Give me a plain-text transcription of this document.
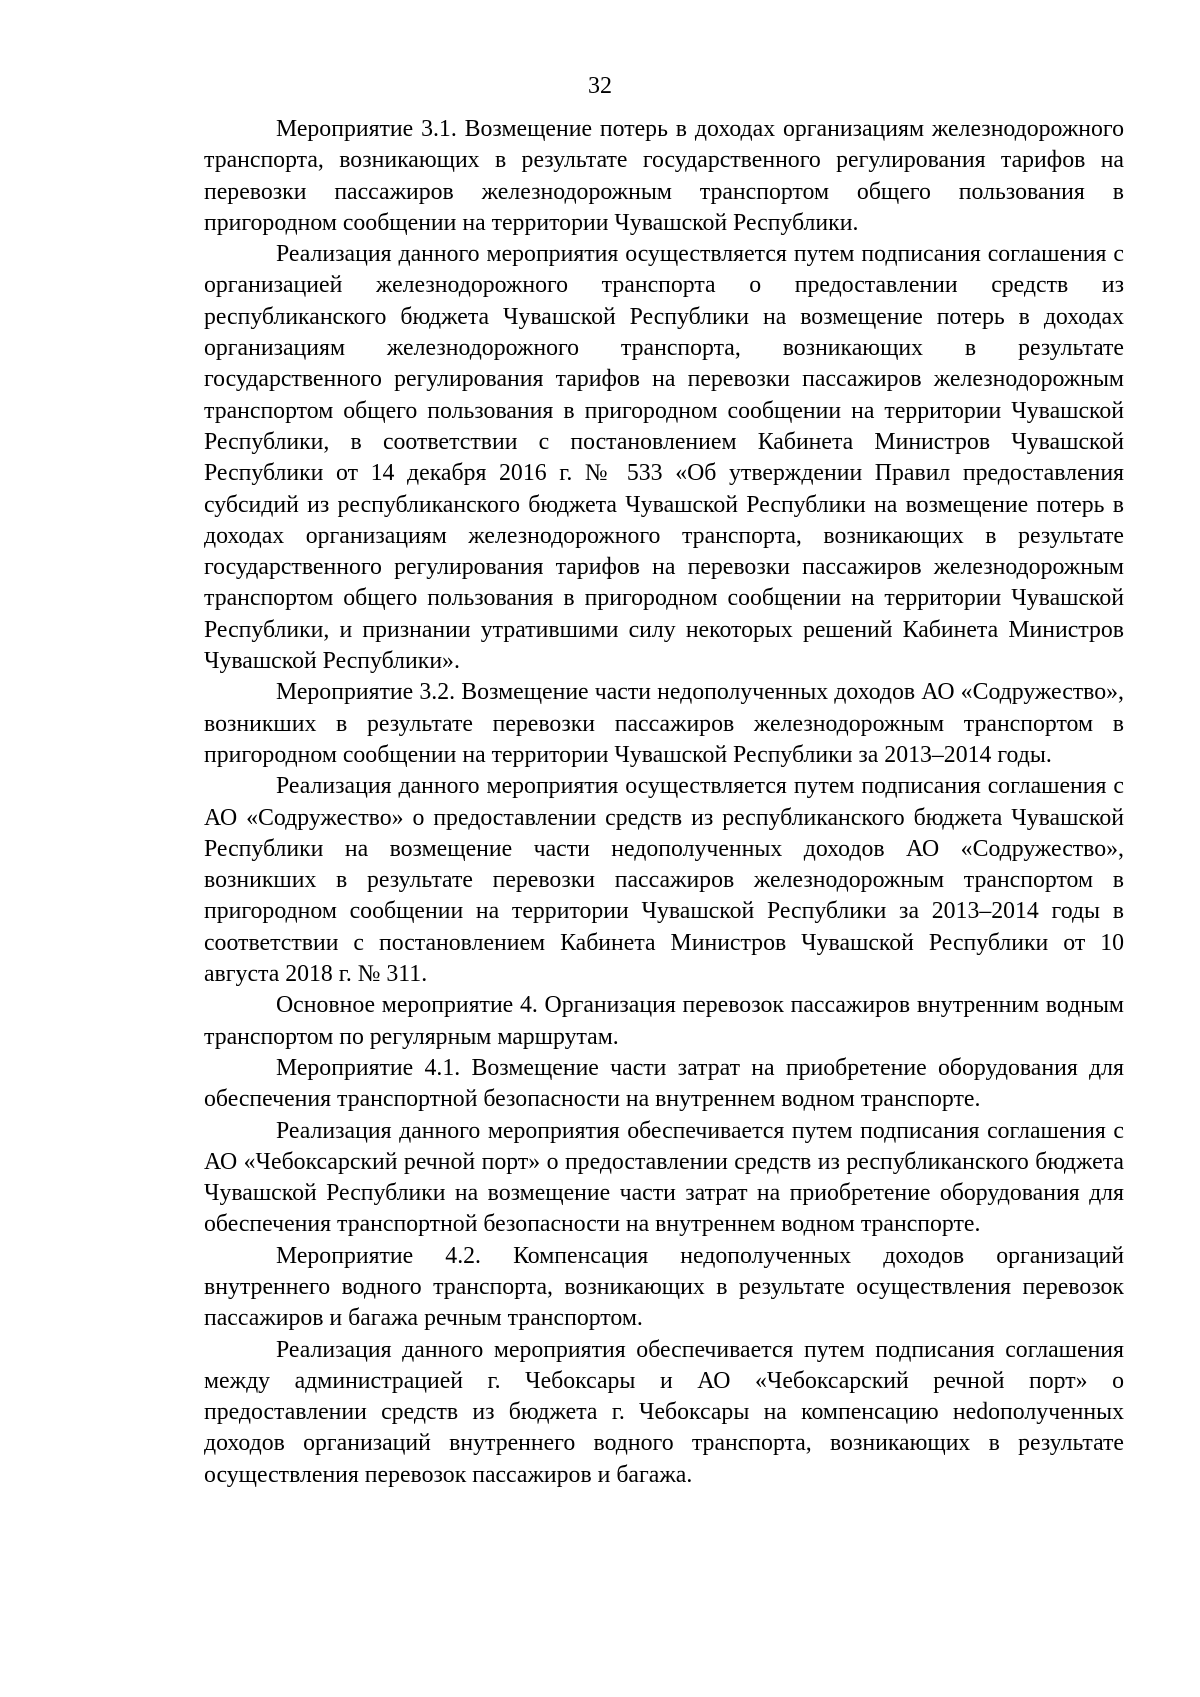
32

Мероприятие 3.1. Возмещение потерь в доходах организациям железнодорожного транспорта, возникающих в результате государственного регулирования тарифов на перевозки пассажиров железнодорожным транспортом общего пользования в пригородном сообщении на территории Чувашской Республики.

Реализация данного мероприятия осуществляется путем подписания соглашения с организацией железнодорожного транспорта о предоставлении средств из республиканского бюджета Чувашской Республики на возмещение потерь в доходах организациям железнодорожного транспорта, возникающих в результате государственного регулирования тарифов на перевозки пассажиров железнодорожным транспортом общего пользования в пригородном сообщении на территории Чувашской Республики, в соответствии с постановлением Кабинета Министров Чувашской Республики от 14 декабря 2016 г. № 533 «Об утверждении Правил предоставления субсидий из республиканского бюджета Чувашской Республики на возмещение потерь в доходах организациям железнодорожного транспорта, возникающих в результате государственного регулирования тарифов на перевозки пассажиров железнодорожным транспортом общего пользования в пригородном сообщении на территории Чувашской Республики, и признании утратившими силу некоторых решений Кабинета Министров Чувашской Республики».

Мероприятие 3.2. Возмещение части недополученных доходов АО «Содружество», возникших в результате перевозки пассажиров железнодорожным транспортом в пригородном сообщении на территории Чувашской Республики за 2013–2014 годы.

Реализация данного мероприятия осуществляется путем подписания соглашения с АО «Содружество» о предоставлении средств из республиканского бюджета Чувашской Республики на возмещение части недополученных доходов АО «Содружество», возникших в результате перевозки пассажиров железнодорожным транспортом в пригородном сообщении на территории Чувашской Республики за 2013–2014 годы в соответствии с постановлением Кабинета Министров Чувашской Республики от 10 августа 2018 г. № 311.

Основное мероприятие 4. Организация перевозок пассажиров внутренним водным транспортом по регулярным маршрутам.

Мероприятие 4.1. Возмещение части затрат на приобретение оборудования для обеспечения транспортной безопасности на внутреннем водном транспорте.

Реализация данного мероприятия обеспечивается путем подписания соглашения с АО «Чебоксарский речной порт» о предоставлении средств из республиканского бюджета Чувашской Республики на возмещение части затрат на приобретение оборудования для обеспечения транспортной безопасности на внутреннем водном транспорте.

Мероприятие 4.2. Компенсация недополученных доходов организаций внутреннего водного транспорта, возникающих в результате осуществления перевозок пассажиров и багажа речным транспортом.

Реализация данного мероприятия обеспечивается путем подписания соглашения между администрацией г. Чебоксары и АО «Чебоксарский речной порт» о предоставлении средств из бюджета г. Чебоксары на компенсацию неdополученных доходов организаций внутреннего водного транспорта, возникающих в результате осуществления перевозок пассажиров и багажа.
